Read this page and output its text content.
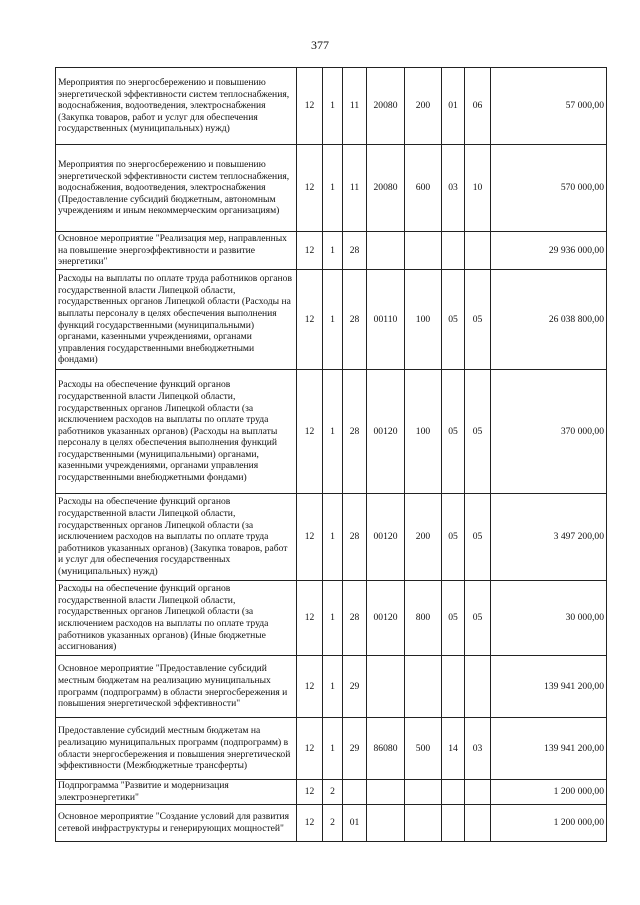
377
Мероприятия по энергосбережению и повышению энергетической эффективности систем теплоснабжения, водоснабжения, водоотведения, электроснабжения (Закупка товаров, работ и услуг для обеспечения государственных (муниципальных) нужд)	12	1	11	20080	200	01	06	57 000,00
Мероприятия по энергосбережению и повышению энергетической эффективности систем теплоснабжения, водоснабжения, водоотведения, электроснабжения (Предоставление субсидий бюджетным, автономным учреждениям и иным некоммерческим организациям)	12	1	11	20080	600	03	10	570 000,00
Основное мероприятие "Реализация мер, направленных на повышение энергоэффективности и развитие энергетики"	12	1	28					29 936 000,00
Расходы на выплаты по оплате труда работников органов государственной власти Липецкой области, государственных органов Липецкой области (Расходы на выплаты персоналу в целях обеспечения выполнения функций государственными (муниципальными) органами, казенными учреждениями, органами управления государственными внебюджетными фондами)	12	1	28	00110	100	05	05	26 038 800,00
Расходы на обеспечение функций органов государственной власти Липецкой области, государственных органов Липецкой области (за исключением расходов на выплаты по оплате труда работников указанных органов) (Расходы на выплаты персоналу в целях обеспечения выполнения функций государственными (муниципальными) органами, казенными учреждениями, органами управления государственными внебюджетными фондами)	12	1	28	00120	100	05	05	370 000,00
Расходы на обеспечение функций органов государственной власти Липецкой области, государственных органов Липецкой области (за исключением расходов на выплаты по оплате труда работников указанных органов) (Закупка товаров, работ и услуг для обеспечения государственных (муниципальных) нужд)	12	1	28	00120	200	05	05	3 497 200,00
Расходы на обеспечение функций органов государственной власти Липецкой области, государственных органов Липецкой области (за исключением расходов на выплаты по оплате труда работников указанных органов) (Иные бюджетные ассигнования)	12	1	28	00120	800	05	05	30 000,00
Основное мероприятие "Предоставление субсидий местным бюджетам на реализацию муниципальных программ (подпрограмм) в области энергосбережения и повышения энергетической эффективности"	12	1	29					139 941 200,00
Предоставление субсидий местным бюджетам на реализацию муниципальных программ (подпрограмм) в области энергосбережения и повышения энергетической эффективности (Межбюджетные трансферты)	12	1	29	86080	500	14	03	139 941 200,00
Подпрограмма "Развитие и модернизация электроэнергетики"	12	2						1 200 000,00
Основное мероприятие "Создание условий для развития сетевой инфраструктуры и генерирующих мощностей"	12	2	01					1 200 000,00
